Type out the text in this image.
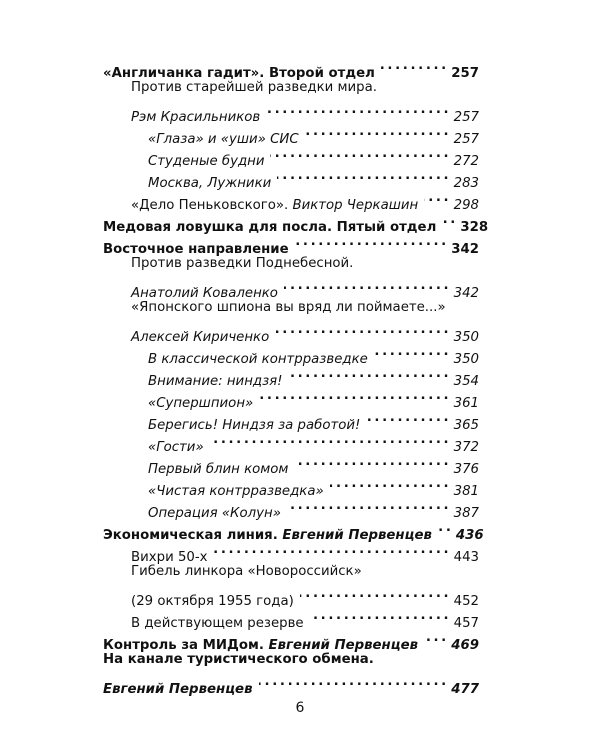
«Англичанка гадит». Второй отдел . . .	257
Против старейшей разведки мира.
Рэм Красильников . . .	257
«Глаза» и «уши» СИС . . .	257
Студеные будни . . .	272
Москва, Лужники . . .	283
«Дело Пеньковского». Виктор Черкашин . . .	298
Медовая ловушка для посла. Пятый отдел . . . 328
Восточное направление . . .	342
Против разведки Поднебесной.
Анатолий Коваленко . . .	342
«Японского шпиона вы вряд ли поймаете...»
Алексей Кириченко . . .	350
В классической контрразведке . . .	350
Внимание: ниндзя! . . .	354
«Супершпион» . . .	361
Берегись! Ниндзя за работой! . . .	365
«Гости» . . .	372
Первый блин комом . . .	376
«Чистая контрразведка» . . .	381
Операция «Колун» . . .	387
Экономическая линия. Евгений Первенцев . . . 436
Вихри 50-х . . .	443
Гибель линкора «Новороссийск»
(29 октября 1955 года) . . .	452
В действующем резерве . . .	457
Контроль за МИДом. Евгений Первенцев . . . 469
На канале туристического обмена.
Евгений Первенцев . . .	477
6
